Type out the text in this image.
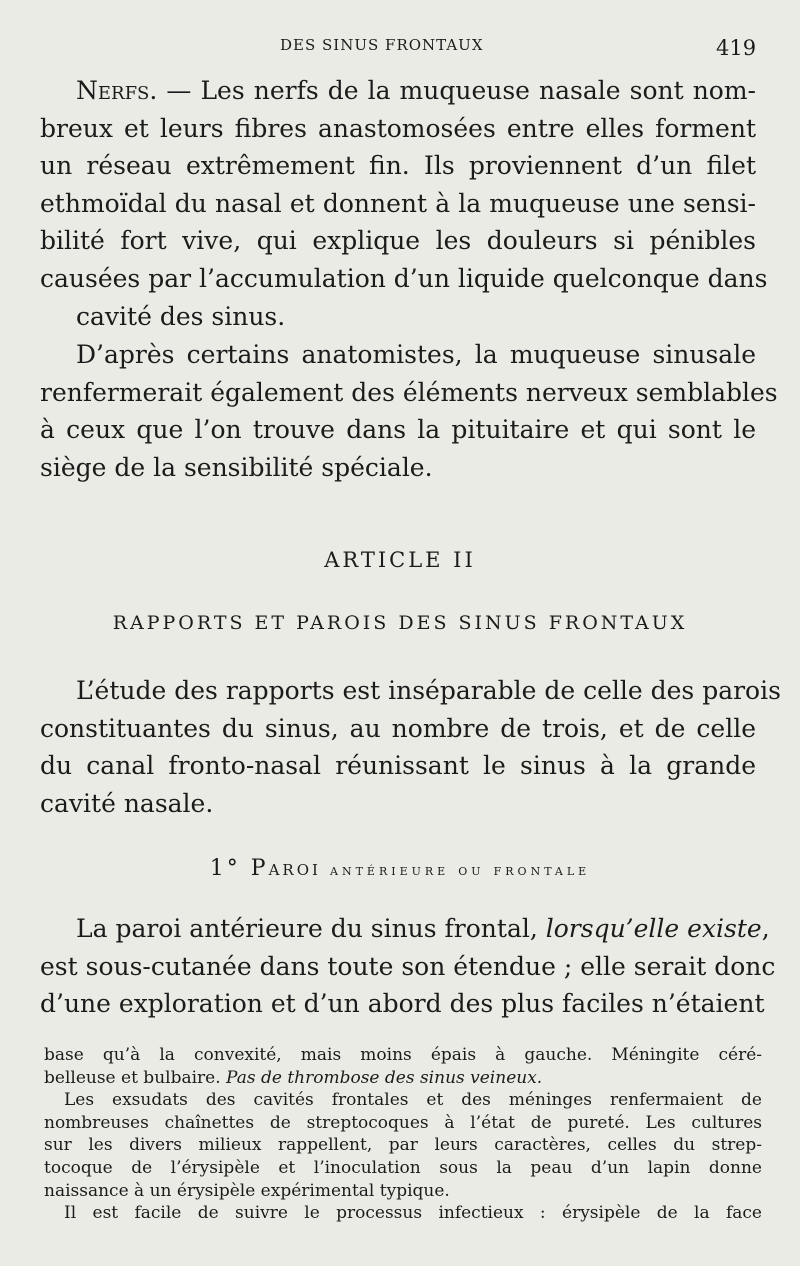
DES SINUS FRONTAUX	419
Nerfs. — Les nerfs de la muqueuse nasale sont nom-
breux et leurs fibres anastomosées entre elles forment
un réseau extrêmement fin. Ils proviennent d’un filet
ethmoïdal du nasal et donnent à la muqueuse une sensi-
bilité fort vive, qui explique les douleurs si pénibles
causées par l’accumulation d’un liquide quelconque dans
cavité des sinus.
D’après certains anatomistes, la muqueuse sinusale
renfermerait également des éléments nerveux semblables
à ceux que l’on trouve dans la pituitaire et qui sont le
siège de la sensibilité spéciale.
ARTICLE II
RAPPORTS ET PAROIS DES SINUS FRONTAUX
L’étude des rapports est inséparable de celle des parois
constituantes du sinus, au nombre de trois, et de celle
du canal fronto-nasal réunissant le sinus à la grande
cavité nasale.
1° Paroi antérieure ou frontale
La paroi antérieure du sinus frontal, lorsqu’elle existe,
est sous-cutanée dans toute son étendue ; elle serait donc
d’une exploration et d’un abord des plus faciles n’étaient
base qu’à la convexité, mais moins épais à gauche. Méningite céré-
belleuse et bulbaire. Pas de thrombose des sinus veineux.
Les exsudats des cavités frontales et des méninges renfermaient de
nombreuses chaînettes de streptocoques à l’état de pureté. Les cultures
sur les divers milieux rappellent, par leurs caractères, celles du strep-
tocoque de l’érysipèle et l’inoculation sous la peau d’un lapin donne
naissance à un érysipèle expérimental typique.
Il est facile de suivre le processus infectieux : érysipèle de la face
